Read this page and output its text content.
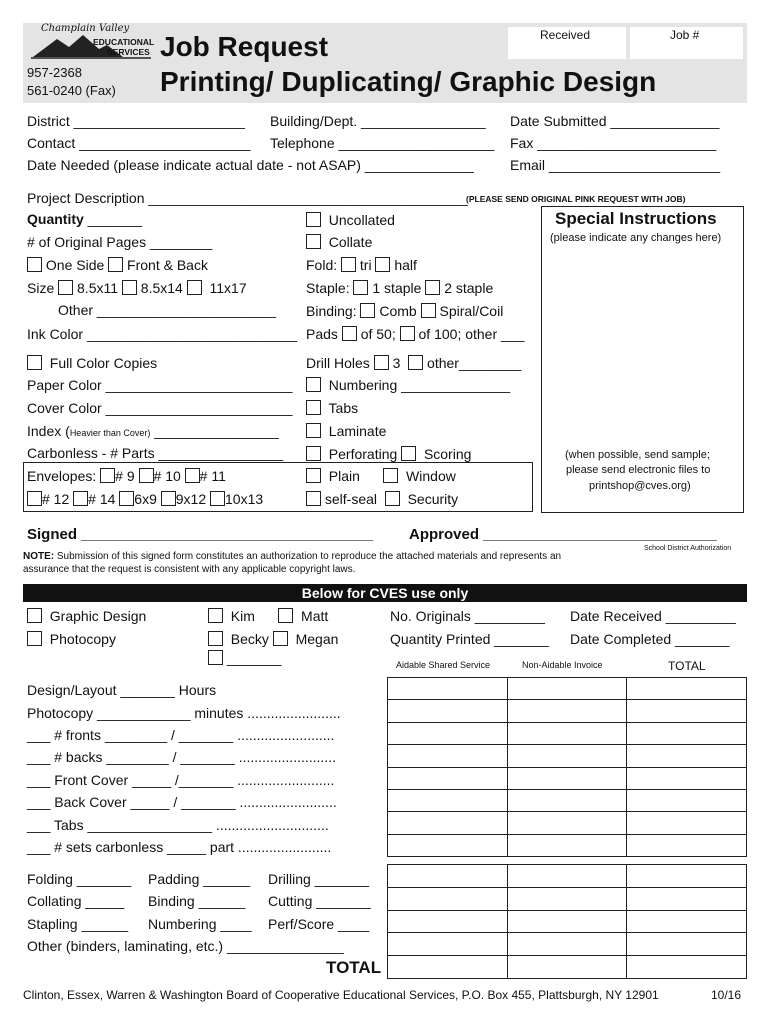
Received	Job #
Champlain Valley
EDUCATIONAL
SERVICES
957-2368
561-0240 (Fax)
Job Request
Printing/ Duplicating/ Graphic Design
District ______________________ Building/Dept. ________________ Date Submitted ______________
Contact ______________________ Telephone ____________________ Fax _______________________
Date Needed (please indicate actual date - not ASAP) ______________	Email ______________________
Project Description _________________________________________
(PLEASE SEND ORIGINAL PINK REQUEST WITH JOB)
Quantity _______
# of Original Pages ________
One Side Front & Back
Size 8.5x11 8.5x14 11x17
Other _______________________
Ink Color ___________________________
Full Color Copies
Paper Color ________________________
Cover Color ________________________
Index (Heavier than Cover) ________________
Carbonless - # Parts ________________
Envelopes: # 9 # 10 # 11
# 12 # 14 6x9 9x12 10x13
Uncollated
Collate
Fold: tri half
Staple: 1 staple 2 staple
Binding: Comb Spiral/Coil
Pads of 50; of 100; other ___
Drill Holes 3 other________
Numbering ______________
Tabs
Laminate
Perforating Scoring
Plain	Window
self-seal Security
Special Instructions
(please indicate any changes here)
(when possible, send sample;
please send electronic files to
printshop@cves.org)
Signed ___________________________________ Approved ____________________________
School District Authorization
NOTE: Submission of this signed form constitutes an authorization to reproduce the attached materials and represents an
assurance that the request is consistent with any applicable copyright laws.
Below for CVES use only
Graphic Design
Photocopy
Kim	Matt
Becky Megan
_______
No. Originals _________ Date Received _________
Quantity Printed _______ Date Completed _______
Aidable Shared Service	Non-Aidable Invoice	TOTAL

Design/Layout _______ Hours
Photocopy ____________ minutes ........................
___ # fronts ________ / _______ .........................
___ # backs ________ / _______ .........................
___ Front Cover _____ /_______ .........................
___ Back Cover _____ / _______ .........................
___ Tabs ________________ .............................
___ # sets carbonless _____ part ........................
Folding _______ Padding ______ Drilling _______
Collating _____ Binding ______ Cutting _______
Stapling ______ Numbering ____ Perf/Score ____
Other (binders, laminating, etc.) _______________
TOTAL

Clinton, Essex, Warren & Washington Board of Cooperative Educational Services, P.O. Box 455, Plattsburgh, NY 12901	10/16
